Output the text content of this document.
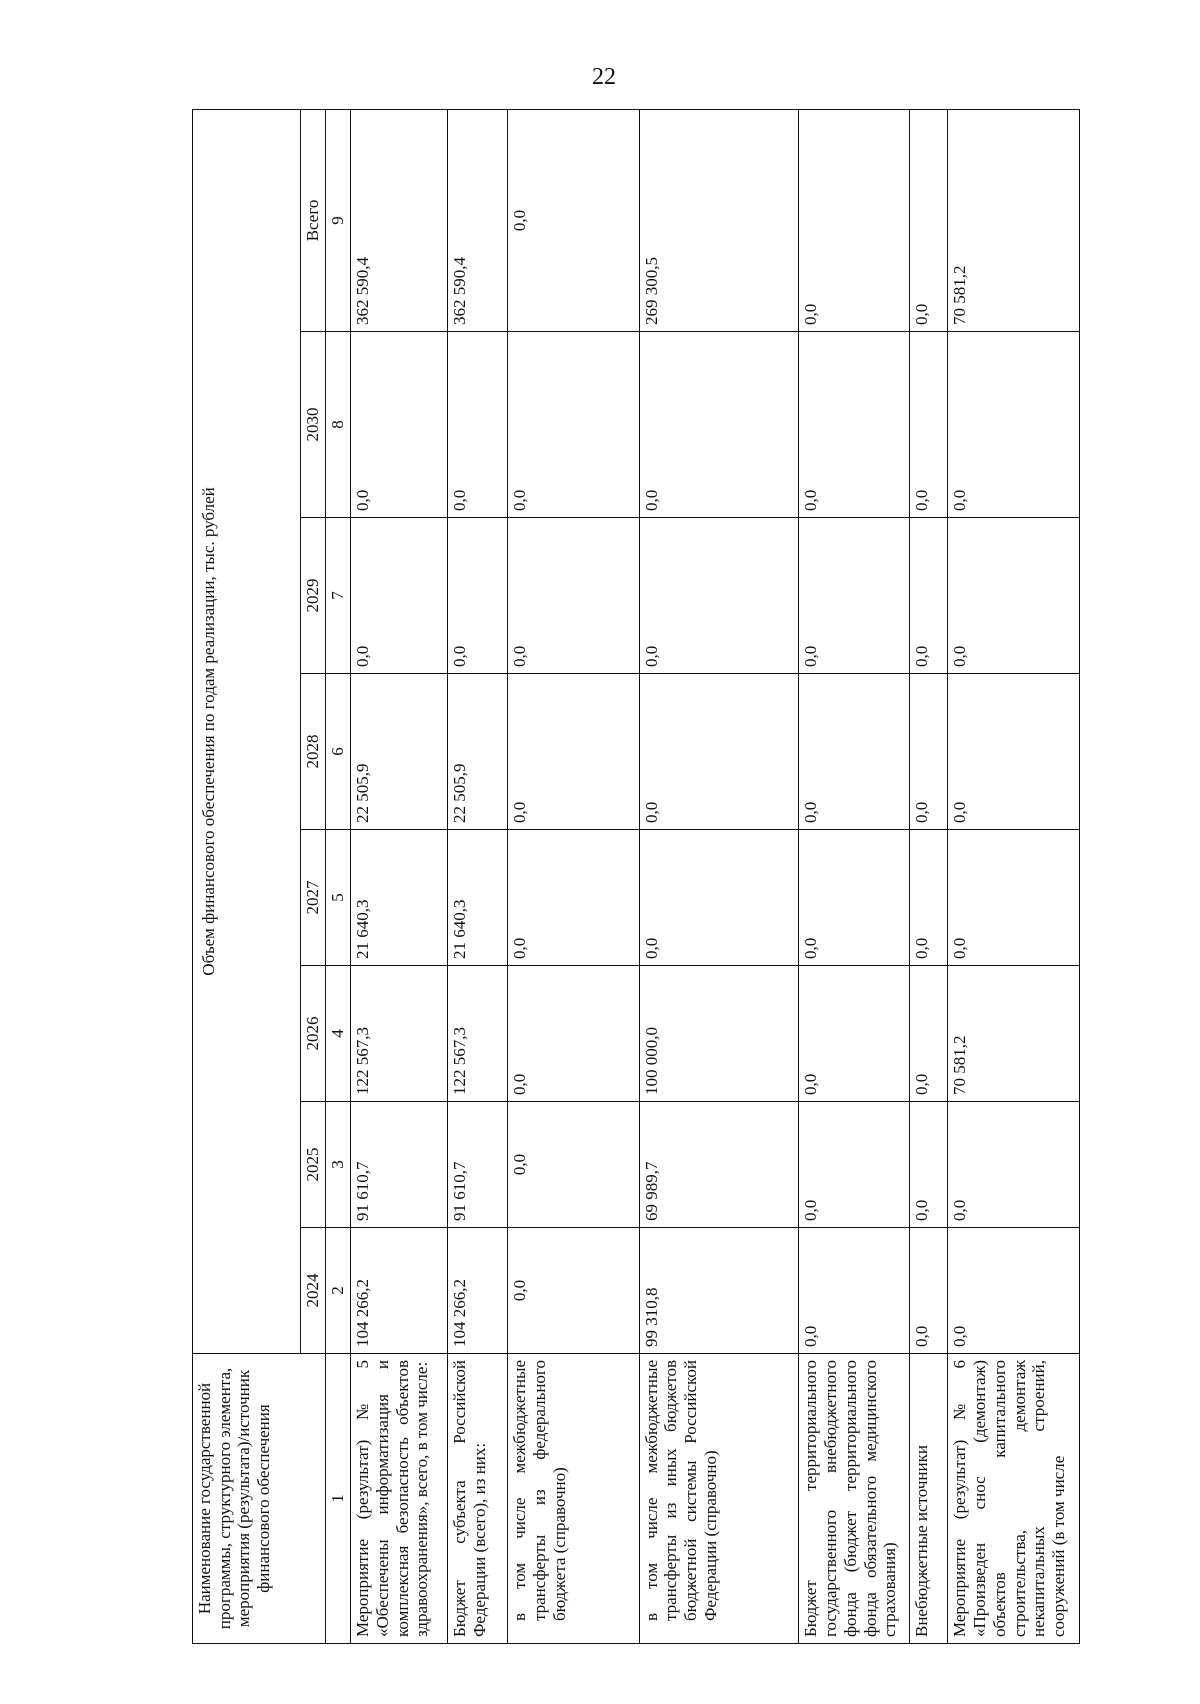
22
Наименование государственной программы, структурного элемента, мероприятия (результата)/источник финансового обеспечения	Объем финансового обеспечения по годам реализации, тыс. рублей							
	2024	2025	2026	2027	2028	2029	2030	Всего
1	2	3	4	5	6	7	8	9
Мероприятие (результат) № 5 «Обеспечены информатизация и комплексная безопасность объектов здравоохранения», всего, в том числе:	104 266,2	91 610,7	122 567,3	21 640,3	22 505,9	0,0	0,0	362 590,4
Бюджет субъекта Российской Федерации (всего), из них:	104 266,2	91 610,7	122 567,3	21 640,3	22 505,9	0,0	0,0	362 590,4
в том числе межбюджетные трансферты из федерального бюджета (справочно)	0,0	0,0	0,0	0,0	0,0	0,0	0,0	0,0
в том числе межбюджетные трансферты из иных бюджетов бюджетной системы Российской Федерации (справочно)	99 310,8	69 989,7	100 000,0	0,0	0,0	0,0	0,0	269 300,5
Бюджет территориального государственного внебюджетного фонда (бюджет территориального фонда обязательного медицинского страхования)	0,0	0,0	0,0	0,0	0,0	0,0	0,0	0,0
Внебюджетные источники	0,0	0,0	0,0	0,0	0,0	0,0	0,0	0,0
Мероприятие (результат) № 6 «Произведен снос (демонтаж) объектов капитального строительства, демонтаж некапитальных строений, сооружений (в том числе	0,0	0,0	70 581,2	0,0	0,0	0,0	0,0	70 581,2
